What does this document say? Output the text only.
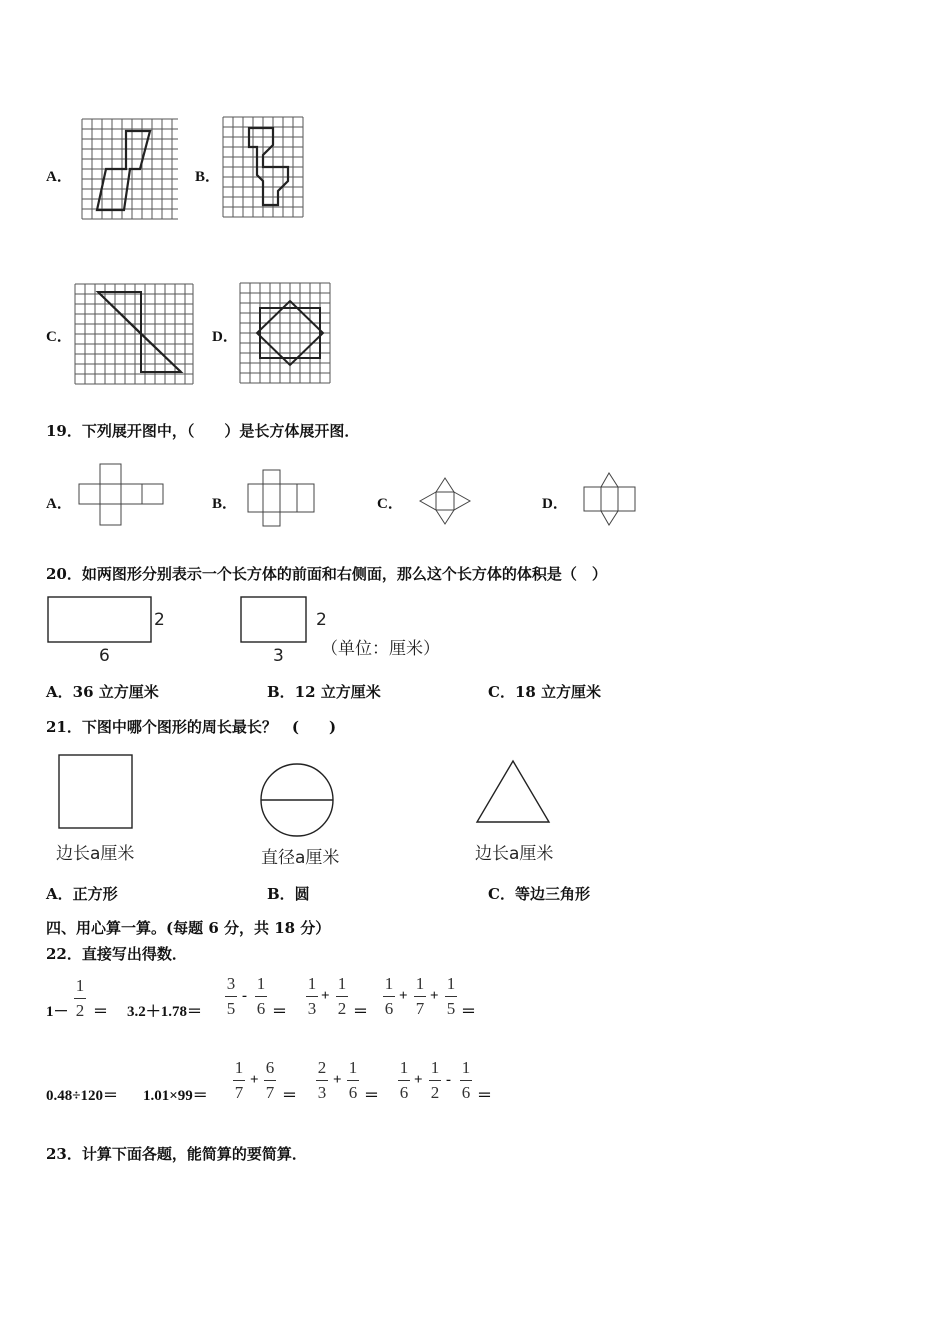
A．	B．
C．	D．
19．下列展开图中，（　　）是长方体展开图．
A．	B．	C．	D．
20．如两图形分别表示一个长方体的前面和右侧面，那么这个长方体的体积是（　）
2
6
2
3 （单位：厘米）
A．36 立方厘米	B．12 立方厘米	C．18 立方厘米
21．下图中哪个图形的周长最长？　(　　)
边长a厘米	直径a厘米	边长a厘米
A．正方形	B．圆	C．等边三角形
四、用心算一算。(每题 6 分，共 18 分）
22．直接写出得数．
1－
1
2 ＝ 3.2＋1.78＝
3
5
-
1
6 ＝
1
3
+
1
2 ＝
1
6
+
1
7
+
1
5 ＝
0.48÷120＝ 1.01×99＝
1
7
+
6
7 ＝
2
3
+
1
6 ＝
1
6
+
1
2
-
1
6 ＝
23．计算下面各题，能简算的要简算．
